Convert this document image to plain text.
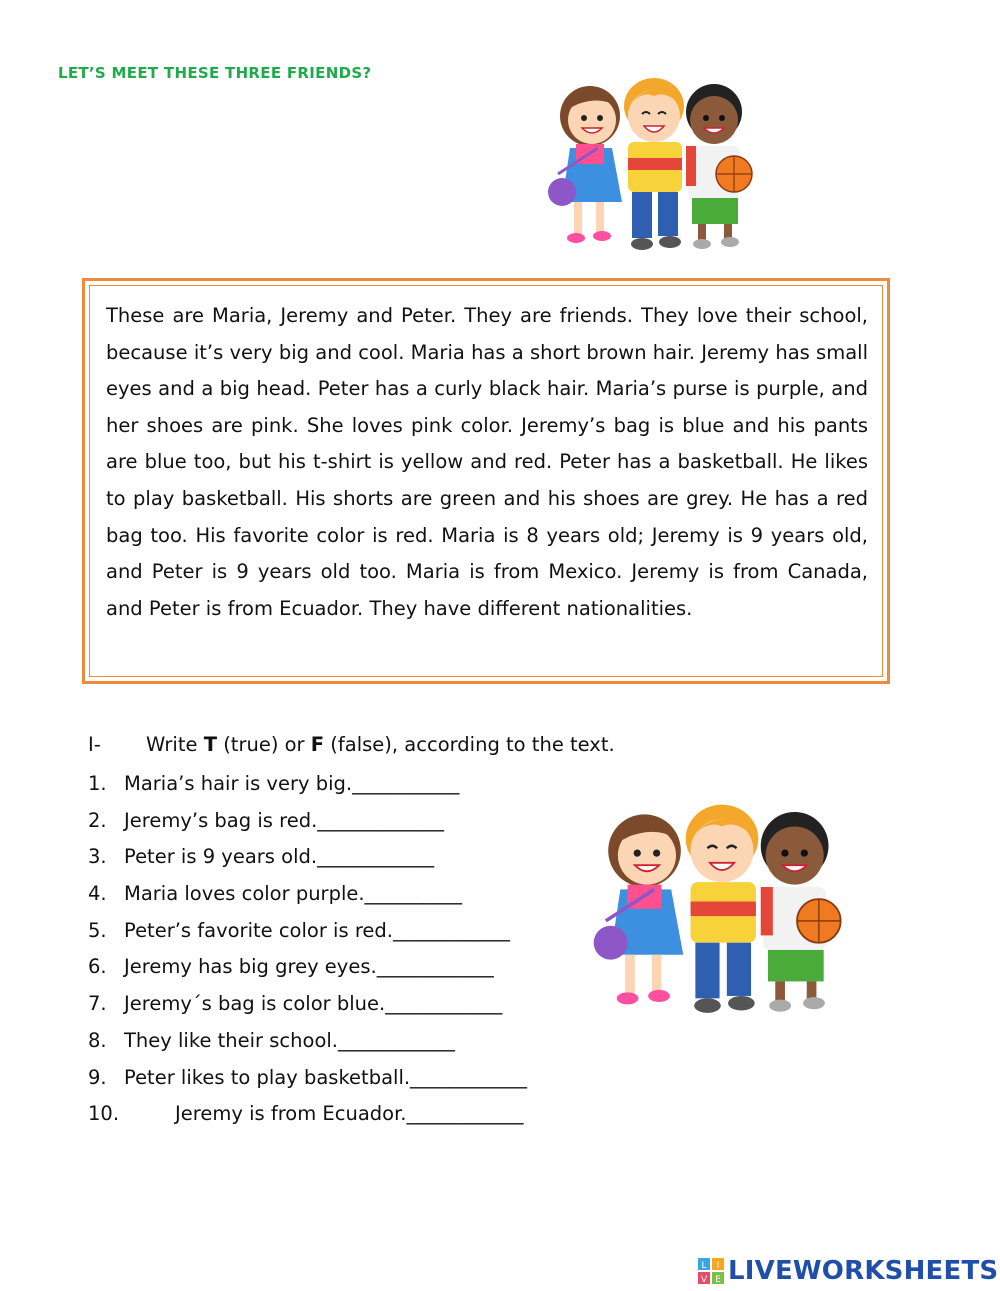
LET’S MEET THESE THREE FRIENDS?

These are Maria, Jeremy and Peter. They are friends. They love their school, because it’s very big and cool. Maria has a short brown hair. Jeremy has small eyes and a big head. Peter has a curly black hair. Maria’s purse is purple, and her shoes are pink. She loves pink color. Jeremy’s bag is blue and his pants are blue too, but his t-shirt is yellow and red. Peter has a basketball. He likes to play basketball. His shorts are green and his shoes are grey. He has a red bag too. His favorite color is red. Maria is 8 years old; Jeremy is 9 years old, and Peter is 9 years old too. Maria is from Mexico. Jeremy is from Canada, and Peter is from Ecuador. They have different nationalities.

I- Write T (true) or F (false), according to the text.
1. Maria’s hair is very big.___________
2. Jeremy’s bag is red._____________
3. Peter is 9 years old.____________
4. Maria loves color purple.__________
5. Peter’s favorite color is red.____________
6. Jeremy has big grey eyes.____________
7. Jeremy´s bag is color blue.____________
8. They like their school.____________
9. Peter likes to play basketball.____________
10.	Jeremy is from Ecuador.____________
L I
V E LIVEWORKSHEETS
